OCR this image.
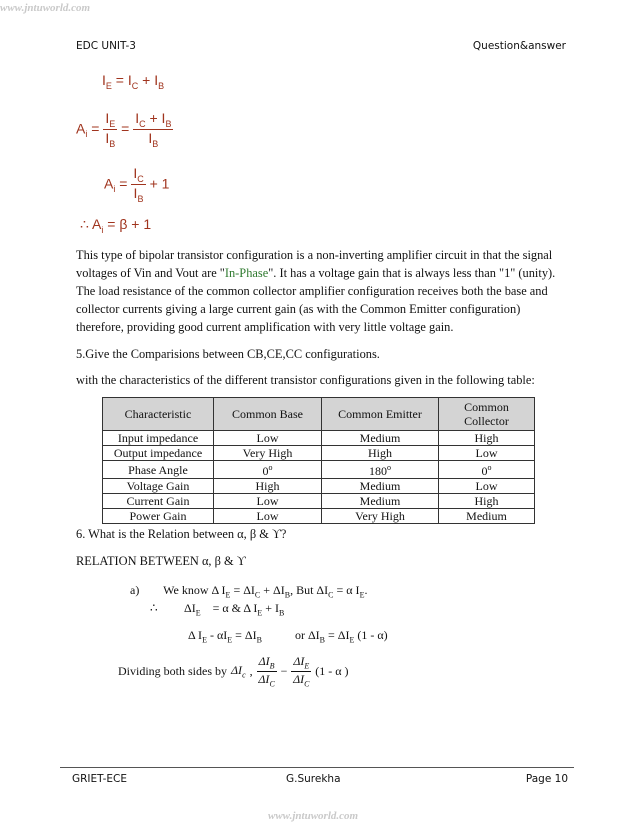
www.jntuworld.com
EDC UNIT-3	Question&answer
$I_E = I_C + I_B$
$A_i = \frac{I_E}{I_B} = \frac{I_C + I_B}{I_B}$
$A_i = \frac{I_C}{I_B} + 1$
∴ $A_i = \beta + 1$
This type of bipolar transistor configuration is a non-inverting amplifier circuit in that the signal voltages of Vin and Vout are "In-Phase". It has a voltage gain that is always less than "1" (unity). The load resistance of the common collector amplifier configuration receives both the base and collector currents giving a large current gain (as with the Common Emitter configuration) therefore, providing good current amplification with very little voltage gain.
5.Give the Comparisions between CB,CE,CC configurations.
with the characteristics of the different transistor configurations given in the following table:
Characteristic	Common Base	Common Emitter	Common Collector
Input impedance	Low	Medium	High
Output impedance	Very High	High	Low
Phase Angle	0$^o$	180$^o$	0$^o$
Voltage Gain	High	Medium	Low
Current Gain	Low	Medium	High
Power Gain	Low	Very High	Medium
6. What is the Relation between α, β & ϒ?
RELATION BETWEEN α, β & ϒ
a) We know Δ $I_E = \Delta I_C + \Delta I_B$, But $\Delta I_C = \alpha$ $I_E$.
∴ $\Delta I_E = \alpha$ & Δ $I_E + I_B$
Δ $I_E - \alpha I_E = \Delta I_B$	or $\Delta I_B = \Delta I_E$ (1 - α)
Dividing both sides by $\Delta I_c$ ,
$\Delta I_B$
$\Delta I_C$
−
$\Delta I_E$
$\Delta I_C$
(1 - α )
GRIET-ECE	G.Surekha	Page 10
www.jntuworld.com
